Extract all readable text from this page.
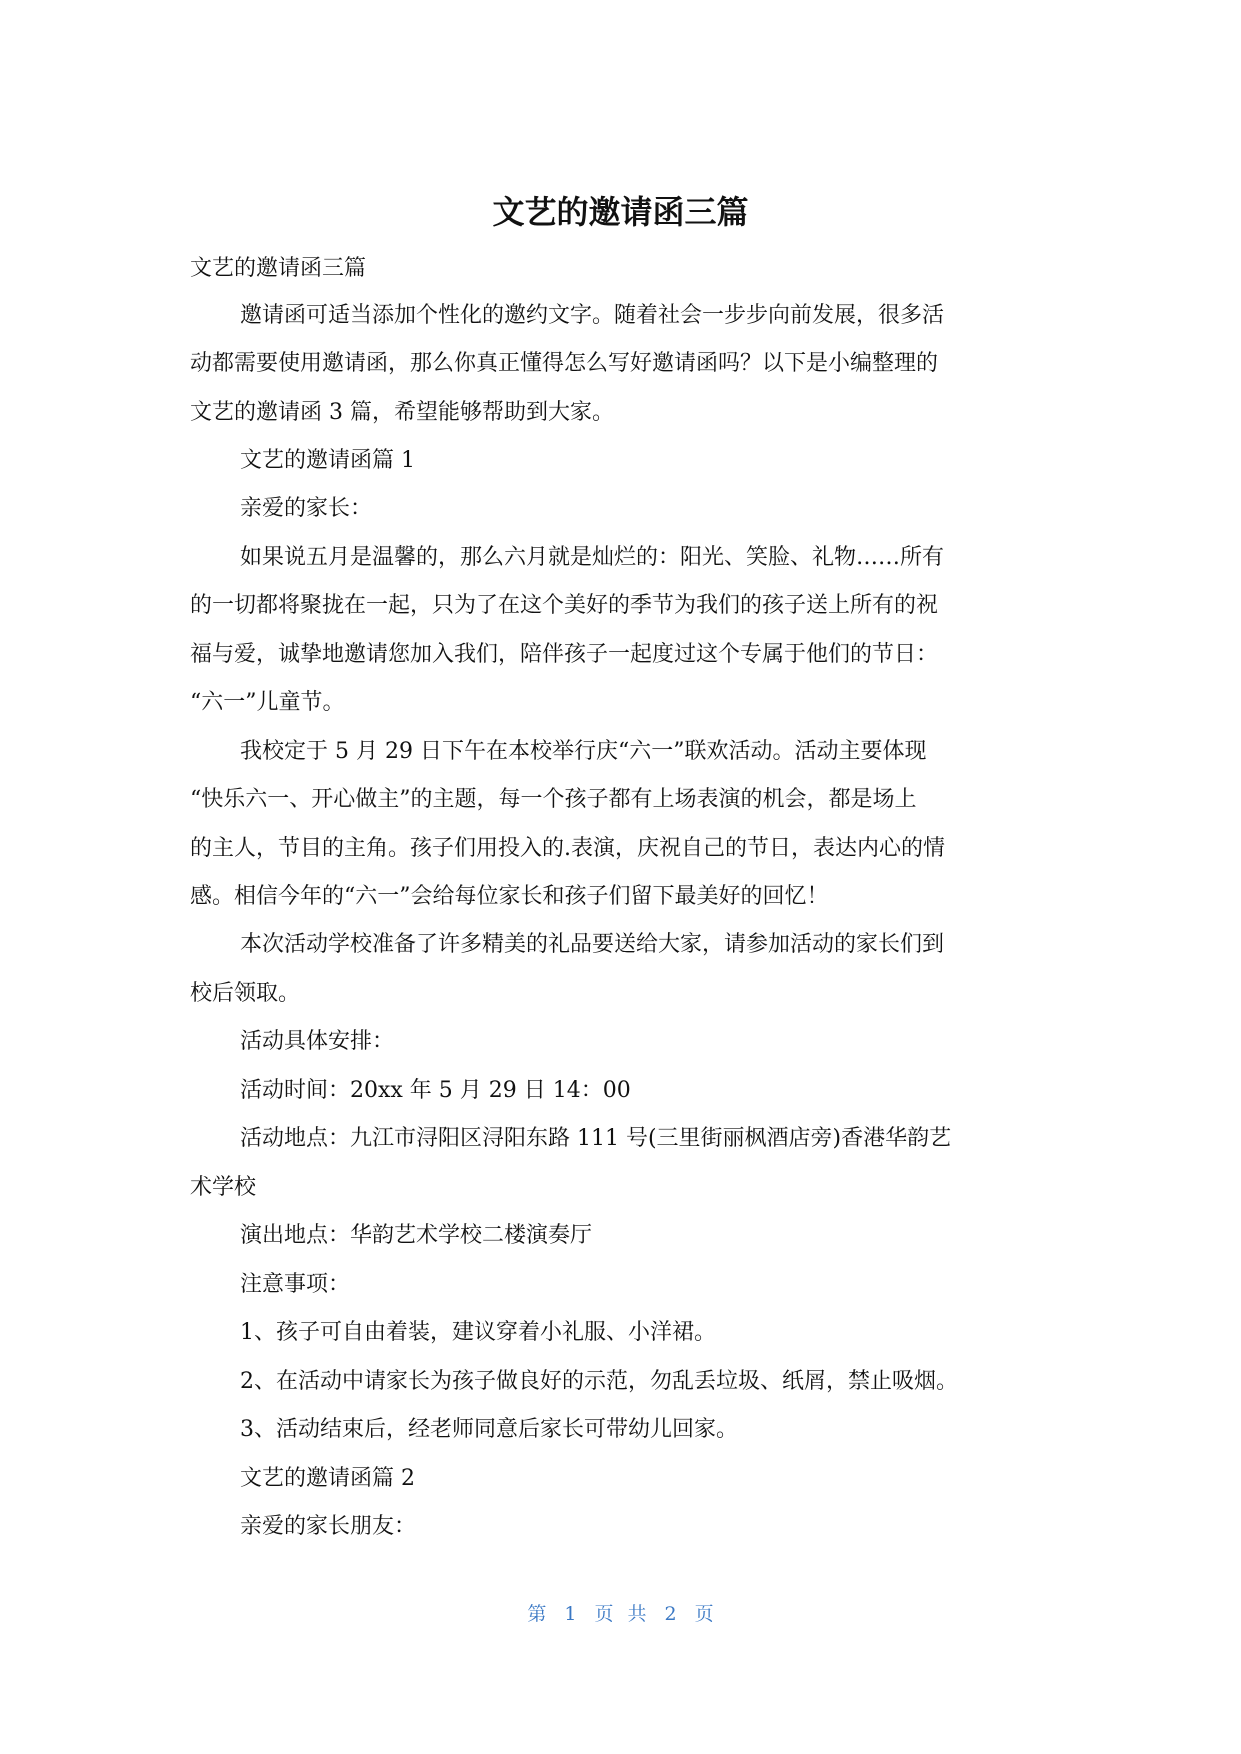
文艺的邀请函三篇

文艺的邀请函三篇

邀请函可适当添加个性化的邀约文字。随着社会一步步向前发展，很多活

动都需要使用邀请函，那么你真正懂得怎么写好邀请函吗？以下是小编整理的

文艺的邀请函 3 篇，希望能够帮助到大家。

文艺的邀请函篇 1

亲爱的家长：

如果说五月是温馨的，那么六月就是灿烂的：阳光、笑脸、礼物……所有

的一切都将聚拢在一起，只为了在这个美好的季节为我们的孩子送上所有的祝

福与爱，诚挚地邀请您加入我们，陪伴孩子一起度过这个专属于他们的节日：

“六一”儿童节。

我校定于 5 月 29 日下午在本校举行庆“六一”联欢活动。活动主要体现

“快乐六一、开心做主”的主题，每一个孩子都有上场表演的机会，都是场上

的主人，节目的主角。孩子们用投入的.表演，庆祝自己的节日，表达内心的情

感。相信今年的“六一”会给每位家长和孩子们留下最美好的回忆！

本次活动学校准备了许多精美的礼品要送给大家，请参加活动的家长们到

校后领取。

活动具体安排：

活动时间：20xx 年 5 月 29 日 14：00

活动地点：九江市浔阳区浔阳东路 111 号(三里街丽枫酒店旁)香港华韵艺

术学校

演出地点：华韵艺术学校二楼演奏厅

注意事项：

1、孩子可自由着装，建议穿着小礼服、小洋裙。

2、在活动中请家长为孩子做良好的示范，勿乱丢垃圾、纸屑，禁止吸烟。

3、活动结束后，经老师同意后家长可带幼儿回家。

文艺的邀请函篇 2

亲爱的家长朋友：

第 1 页 共 2 页
